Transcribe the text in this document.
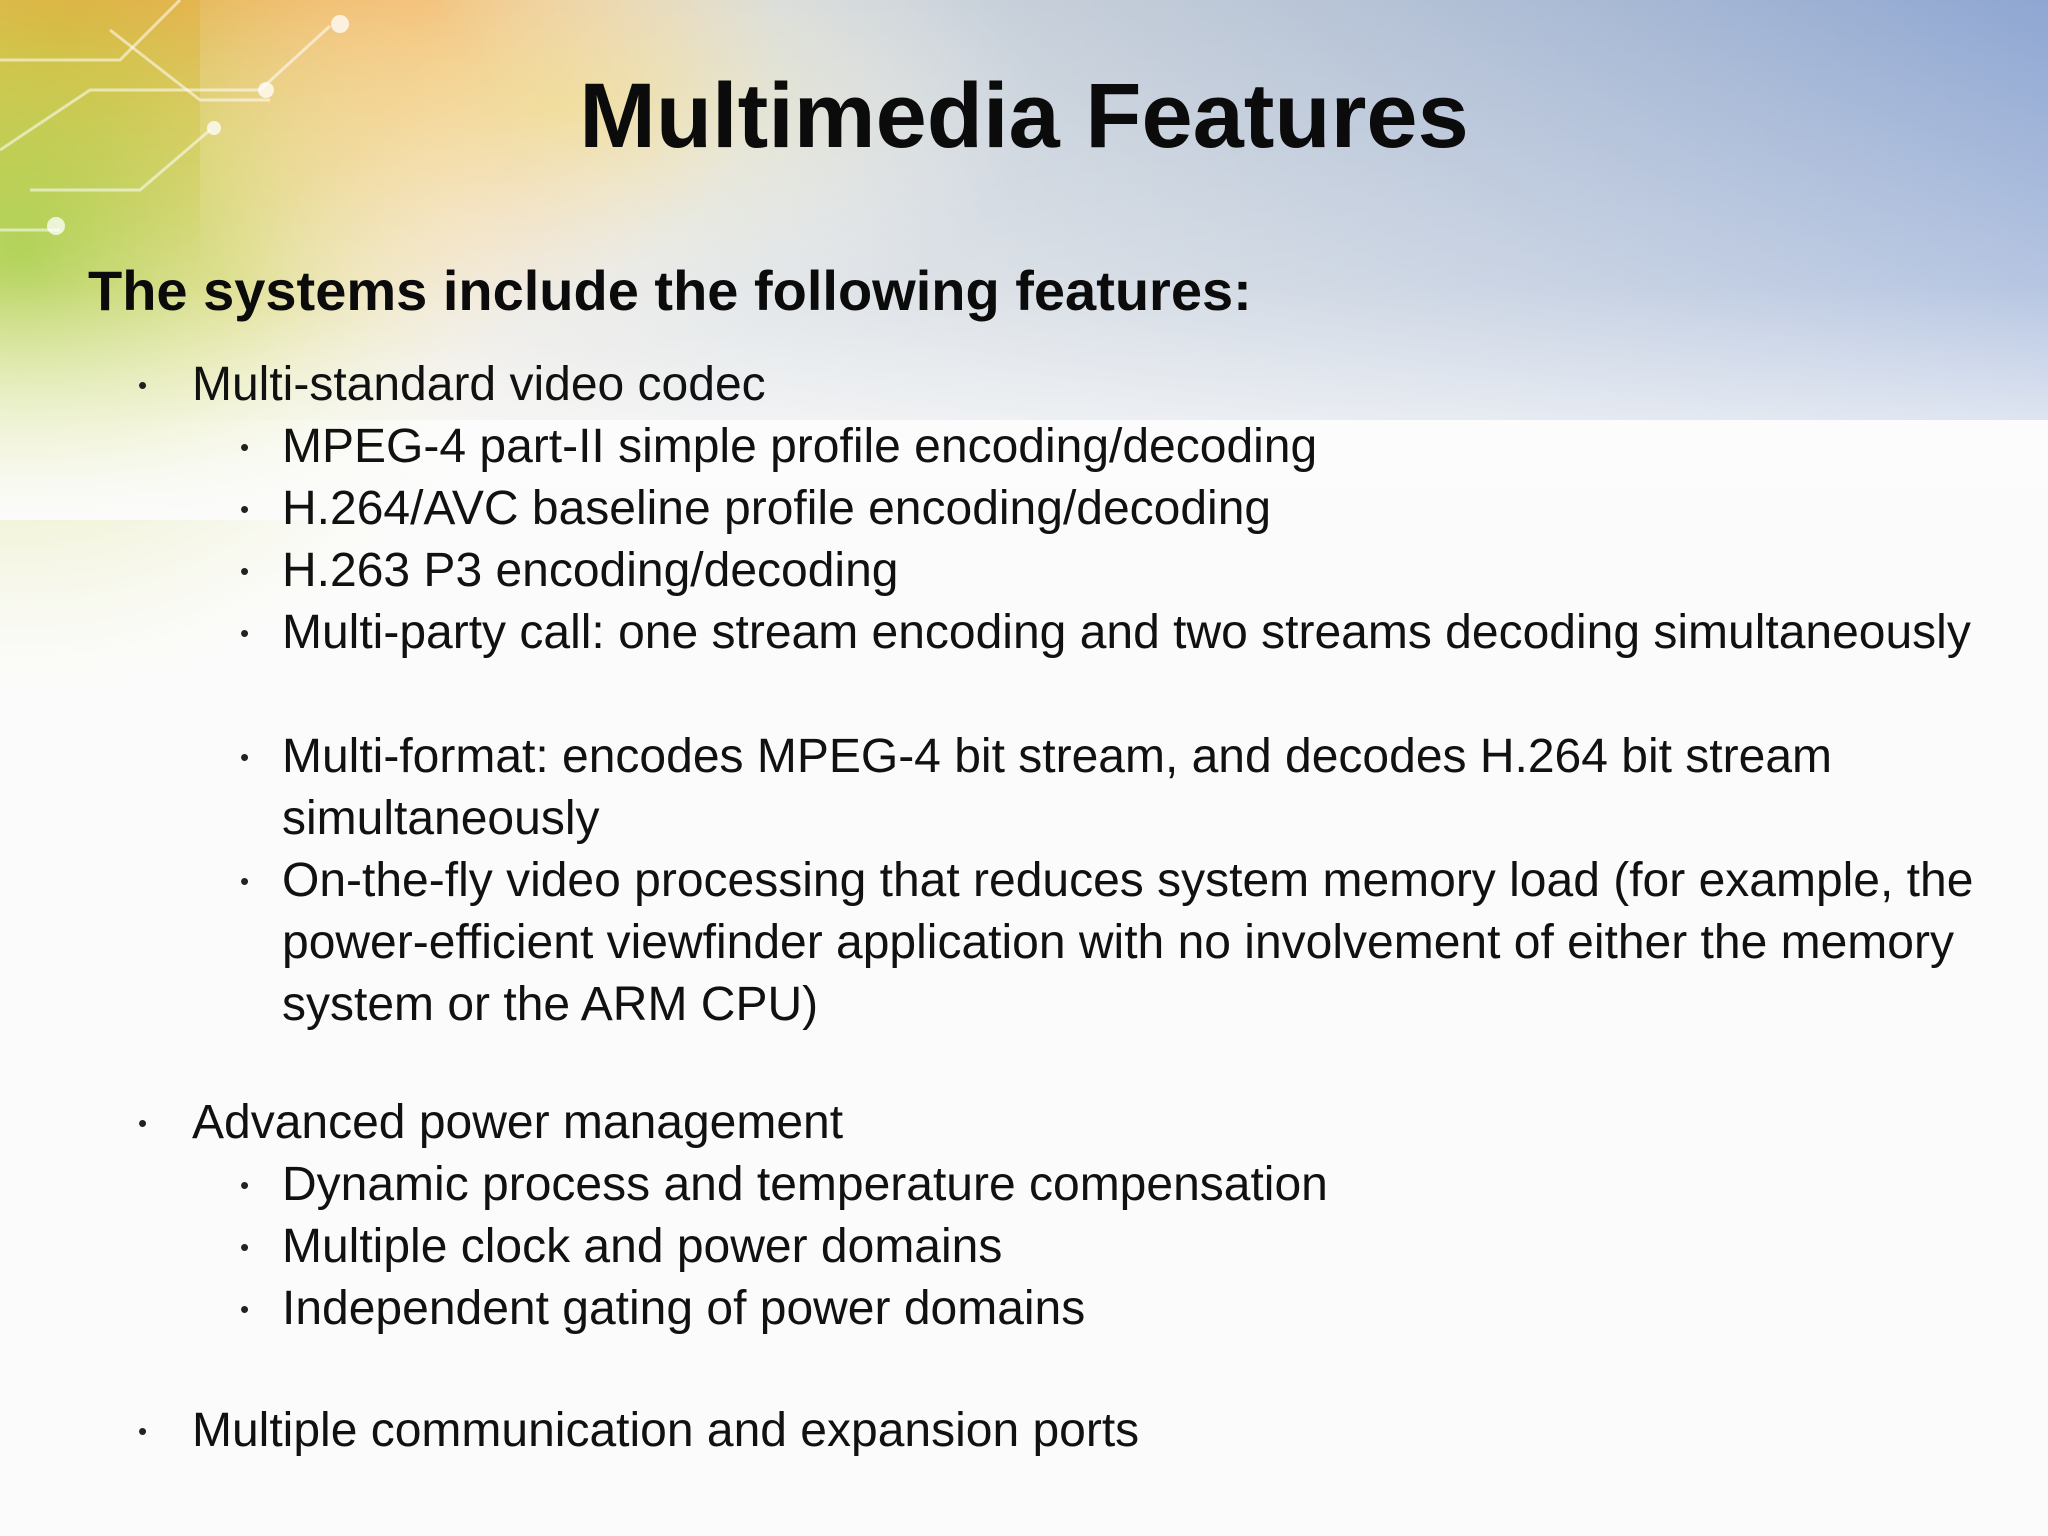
Multimedia Features
The systems include the following features:

• Multi-standard video codec

• MPEG-4 part-II simple profile encoding/decoding

• H.264/AVC baseline profile encoding/decoding

• H.263 P3 encoding/decoding

• Multi-party call: one stream encoding and two streams decoding simultaneously

• Multi-format: encodes MPEG-4 bit stream, and decodes H.264 bit stream simultaneously

• On-the-fly video processing that reduces system memory load (for example, the power-efficient viewfinder application with no involvement of either the memory system or the ARM CPU)

• Advanced power management

• Dynamic process and temperature compensation

• Multiple clock and power domains

• Independent gating of power domains

• Multiple communication and expansion ports
